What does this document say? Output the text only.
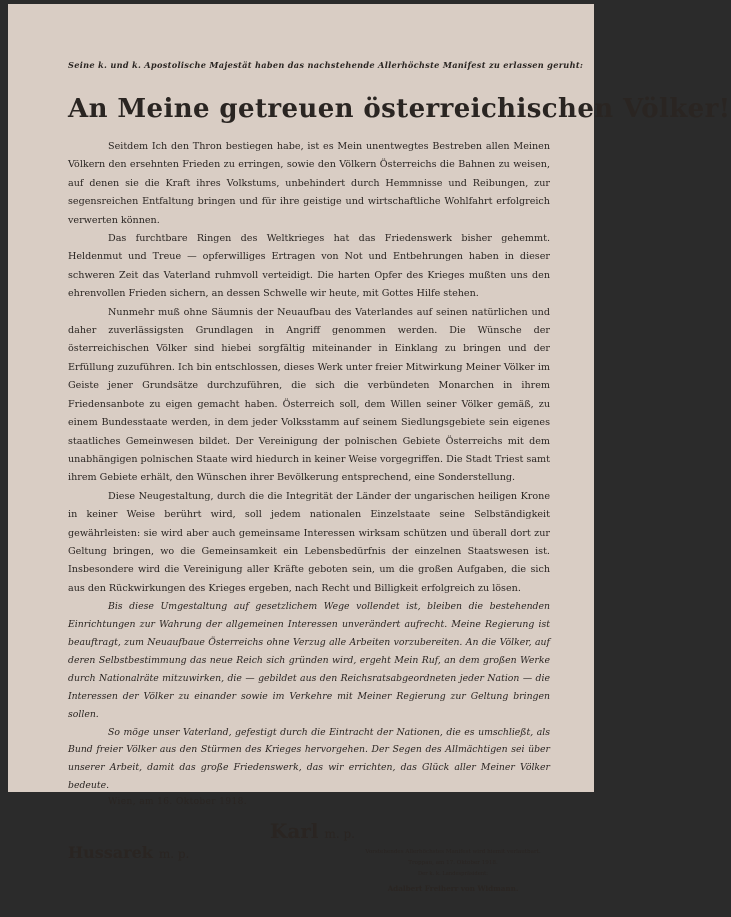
Seine k. und k. Apostolische Majestät haben das nachstehende Allerhöchste Manifest zu erlassen geruht:
An Meine getreuen österreichischen Völker!

Seitdem Ich den Thron bestiegen habe, ist es Mein unentwegtes Bestreben allen Meinen Völkern den ersehnten Frieden zu erringen, sowie den Völkern Österreichs die Bahnen zu weisen, auf denen sie die Kraft ihres Volkstums, unbehindert durch Hemmnisse und Reibungen, zur segensreichen Entfaltung bringen und für ihre geistige und wirtschaftliche Wohlfahrt erfolgreich verwerten können.

Das furchtbare Ringen des Weltkrieges hat das Friedenswerk bisher gehemmt. Heldenmut und Treue — opferwilliges Ertragen von Not und Entbehrungen haben in dieser schweren Zeit das Vaterland ruhmvoll verteidigt. Die harten Opfer des Krieges mußten uns den ehrenvollen Frieden sichern, an dessen Schwelle wir heute, mit Gottes Hilfe stehen.

Nunmehr muß ohne Säumnis der Neuaufbau des Vaterlandes auf seinen natürlichen und daher zuverlässigsten Grundlagen in Angriff genommen werden. Die Wünsche der österreichischen Völker sind hiebei sorgfältig miteinander in Einklang zu bringen und der Erfüllung zuzuführen. Ich bin entschlossen, dieses Werk unter freier Mitwirkung Meiner Völker im Geiste jener Grundsätze durchzuführen, die sich die verbündeten Monarchen in ihrem Friedensanbote zu eigen gemacht haben. Österreich soll, dem Willen seiner Völker gemäß, zu einem Bundesstaate werden, in dem jeder Volksstamm auf seinem Siedlungsgebiete sein eigenes staatliches Gemeinwesen bildet. Der Vereinigung der polnischen Gebiete Österreichs mit dem unabhängigen polnischen Staate wird hiedurch in keiner Weise vorgegriffen. Die Stadt Triest samt ihrem Gebiete erhält, den Wünschen ihrer Bevölkerung entsprechend, eine Sonderstellung.

Diese Neugestaltung, durch die die Integrität der Länder der ungarischen heiligen Krone in keiner Weise berührt wird, soll jedem nationalen Einzelstaate seine Selbständigkeit gewährleisten: sie wird aber auch gemeinsame Interessen wirksam schützen und überall dort zur Geltung bringen, wo die Gemeinsamkeit ein Lebensbedürfnis der einzelnen Staatswesen ist. Insbesondere wird die Vereinigung aller Kräfte geboten sein, um die großen Aufgaben, die sich aus den Rückwirkungen des Krieges ergeben, nach Recht und Billigkeit erfolgreich zu lösen.

Bis diese Umgestaltung auf gesetzlichem Wege vollendet ist, bleiben die bestehenden Einrichtungen zur Wahrung der allgemeinen Interessen unverändert aufrecht. Meine Regierung ist beauftragt, zum Neuaufbaue Österreichs ohne Verzug alle Arbeiten vorzubereiten. An die Völker, auf deren Selbstbestimmung das neue Reich sich gründen wird, ergeht Mein Ruf, an dem großen Werke durch Nationalräte mitzuwirken, die — gebildet aus den Reichsratsabgeordneten jeder Nation — die Interessen der Völker zu einander sowie im Verkehre mit Meiner Regierung zur Geltung bringen sollen.

So möge unser Vaterland, gefestigt durch die Eintracht der Nationen, die es umschließt, als Bund freier Völker aus den Stürmen des Krieges hervorgehen. Der Segen des Allmächtigen sei über unserer Arbeit, damit das große Friedenswerk, das wir errichten, das Glück aller Meiner Völker bedeute.

Wien, am 16. Oktober 1918.
Karl m. p.
Hussarek m. p.	Vorstehendes Allerhöchstes Manifest wird hiemit verlautbart.
Troppau, am 17. Oktober 1918.
Der k. k. Landespräsident:
Adalbert Freiherr von Widmann.
